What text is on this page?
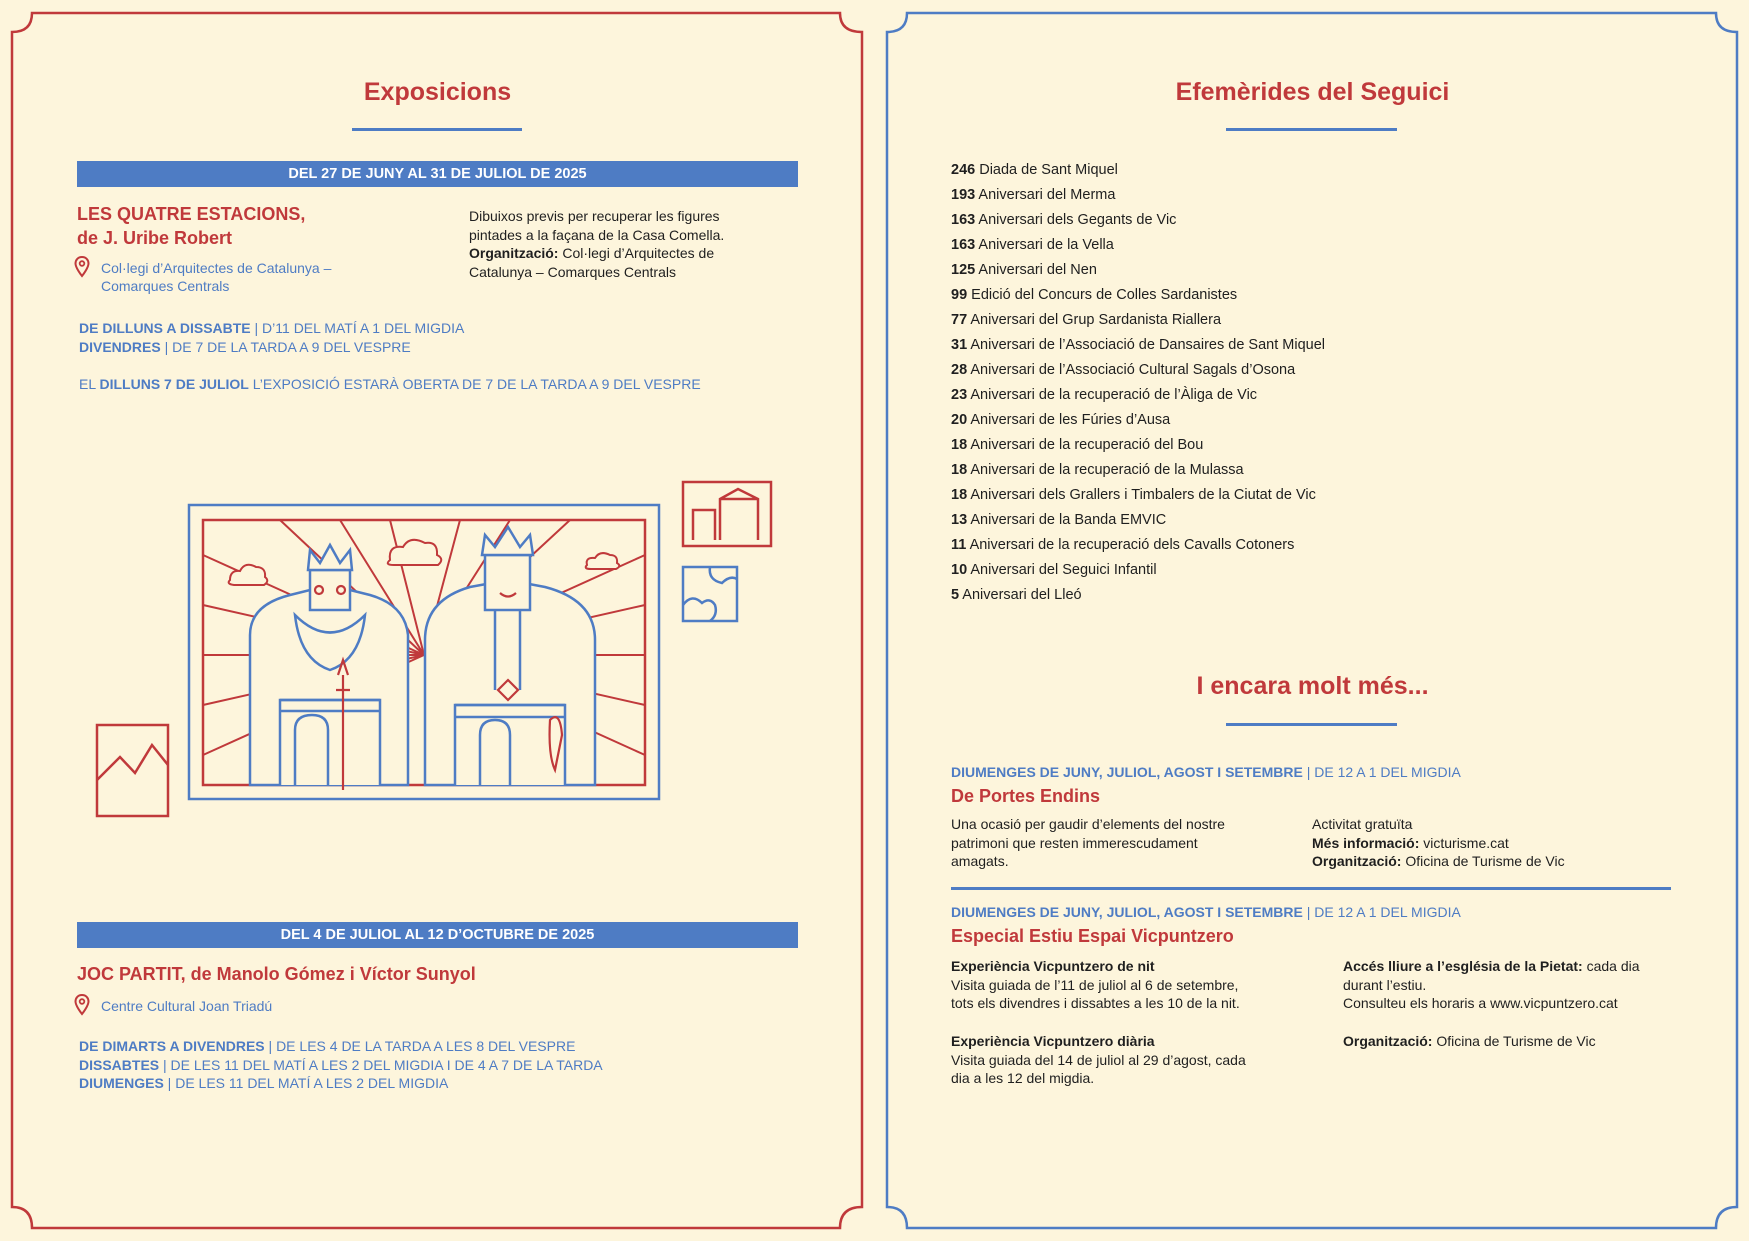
Exposicions
DEL 27 DE JUNY AL 31 DE JULIOL DE 2025
LES QUATRE ESTACIONS,
de J. Uribe Robert
Col·legi d’Arquitectes de Catalunya –
Comarques Centrals
Dibuixos previs per recuperar les figures
pintades a la façana de la Casa Comella.
Organització: Col·legi d’Arquitectes de
Catalunya – Comarques Centrals
DE DILLUNS A DISSABTE | D’11 DEL MATÍ A 1 DEL MIGDIA
DIVENDRES | DE 7 DE LA TARDA A 9 DEL VESPRE
EL DILLUNS 7 DE JULIOL L’EXPOSICIÓ ESTARÀ OBERTA DE 7 DE LA TARDA A 9 DEL VESPRE
DEL 4 DE JULIOL AL 12 D’OCTUBRE DE 2025
JOC PARTIT, de Manolo Gómez i Víctor Sunyol
Centre Cultural Joan Triadú
DE DIMARTS A DIVENDRES | DE LES 4 DE LA TARDA A LES 8 DEL VESPRE
DISSABTES | DE LES 11 DEL MATÍ A LES 2 DEL MIGDIA I DE 4 A 7 DE LA TARDA
DIUMENGES | DE LES 11 DEL MATÍ A LES 2 DEL MIGDIA
Efemèrides del Seguici
246 Diada de Sant Miquel
193 Aniversari del Merma
163 Aniversari dels Gegants de Vic
163 Aniversari de la Vella
125 Aniversari del Nen
99 Edició del Concurs de Colles Sardanistes
77 Aniversari del Grup Sardanista Riallera
31 Aniversari de l’Associació de Dansaires de Sant Miquel
28 Aniversari de l’Associació Cultural Sagals d’Osona
23 Aniversari de la recuperació de l’Àliga de Vic
20 Aniversari de les Fúries d’Ausa
18 Aniversari de la recuperació del Bou
18 Aniversari de la recuperació de la Mulassa
18 Aniversari dels Grallers i Timbalers de la Ciutat de Vic
13 Aniversari de la Banda EMVIC
11 Aniversari de la recuperació dels Cavalls Cotoners
10 Aniversari del Seguici Infantil
5 Aniversari del Lleó
I encara molt més...
DIUMENGES DE JUNY, JULIOL, AGOST I SETEMBRE | DE 12 A 1 DEL MIGDIA
De Portes Endins
Una ocasió per gaudir d’elements del nostre
patrimoni que resten immerescudament
amagats.
Activitat gratuïta
Més informació: victurisme.cat
Organització: Oficina de Turisme de Vic
DIUMENGES DE JUNY, JULIOL, AGOST I SETEMBRE | DE 12 A 1 DEL MIGDIA
Especial Estiu Espai Vicpuntzero
Experiència Vicpuntzero de nit
Visita guiada de l’11 de juliol al 6 de setembre,
tots els divendres i dissabtes a les 10 de la nit.
Experiència Vicpuntzero diària
Visita guiada del 14 de juliol al 29 d’agost, cada
dia a les 12 del migdia.
Accés lliure a l’església de la Pietat: cada dia
durant l’estiu.
Consulteu els horaris a www.vicpuntzero.cat
Organització: Oficina de Turisme de Vic
